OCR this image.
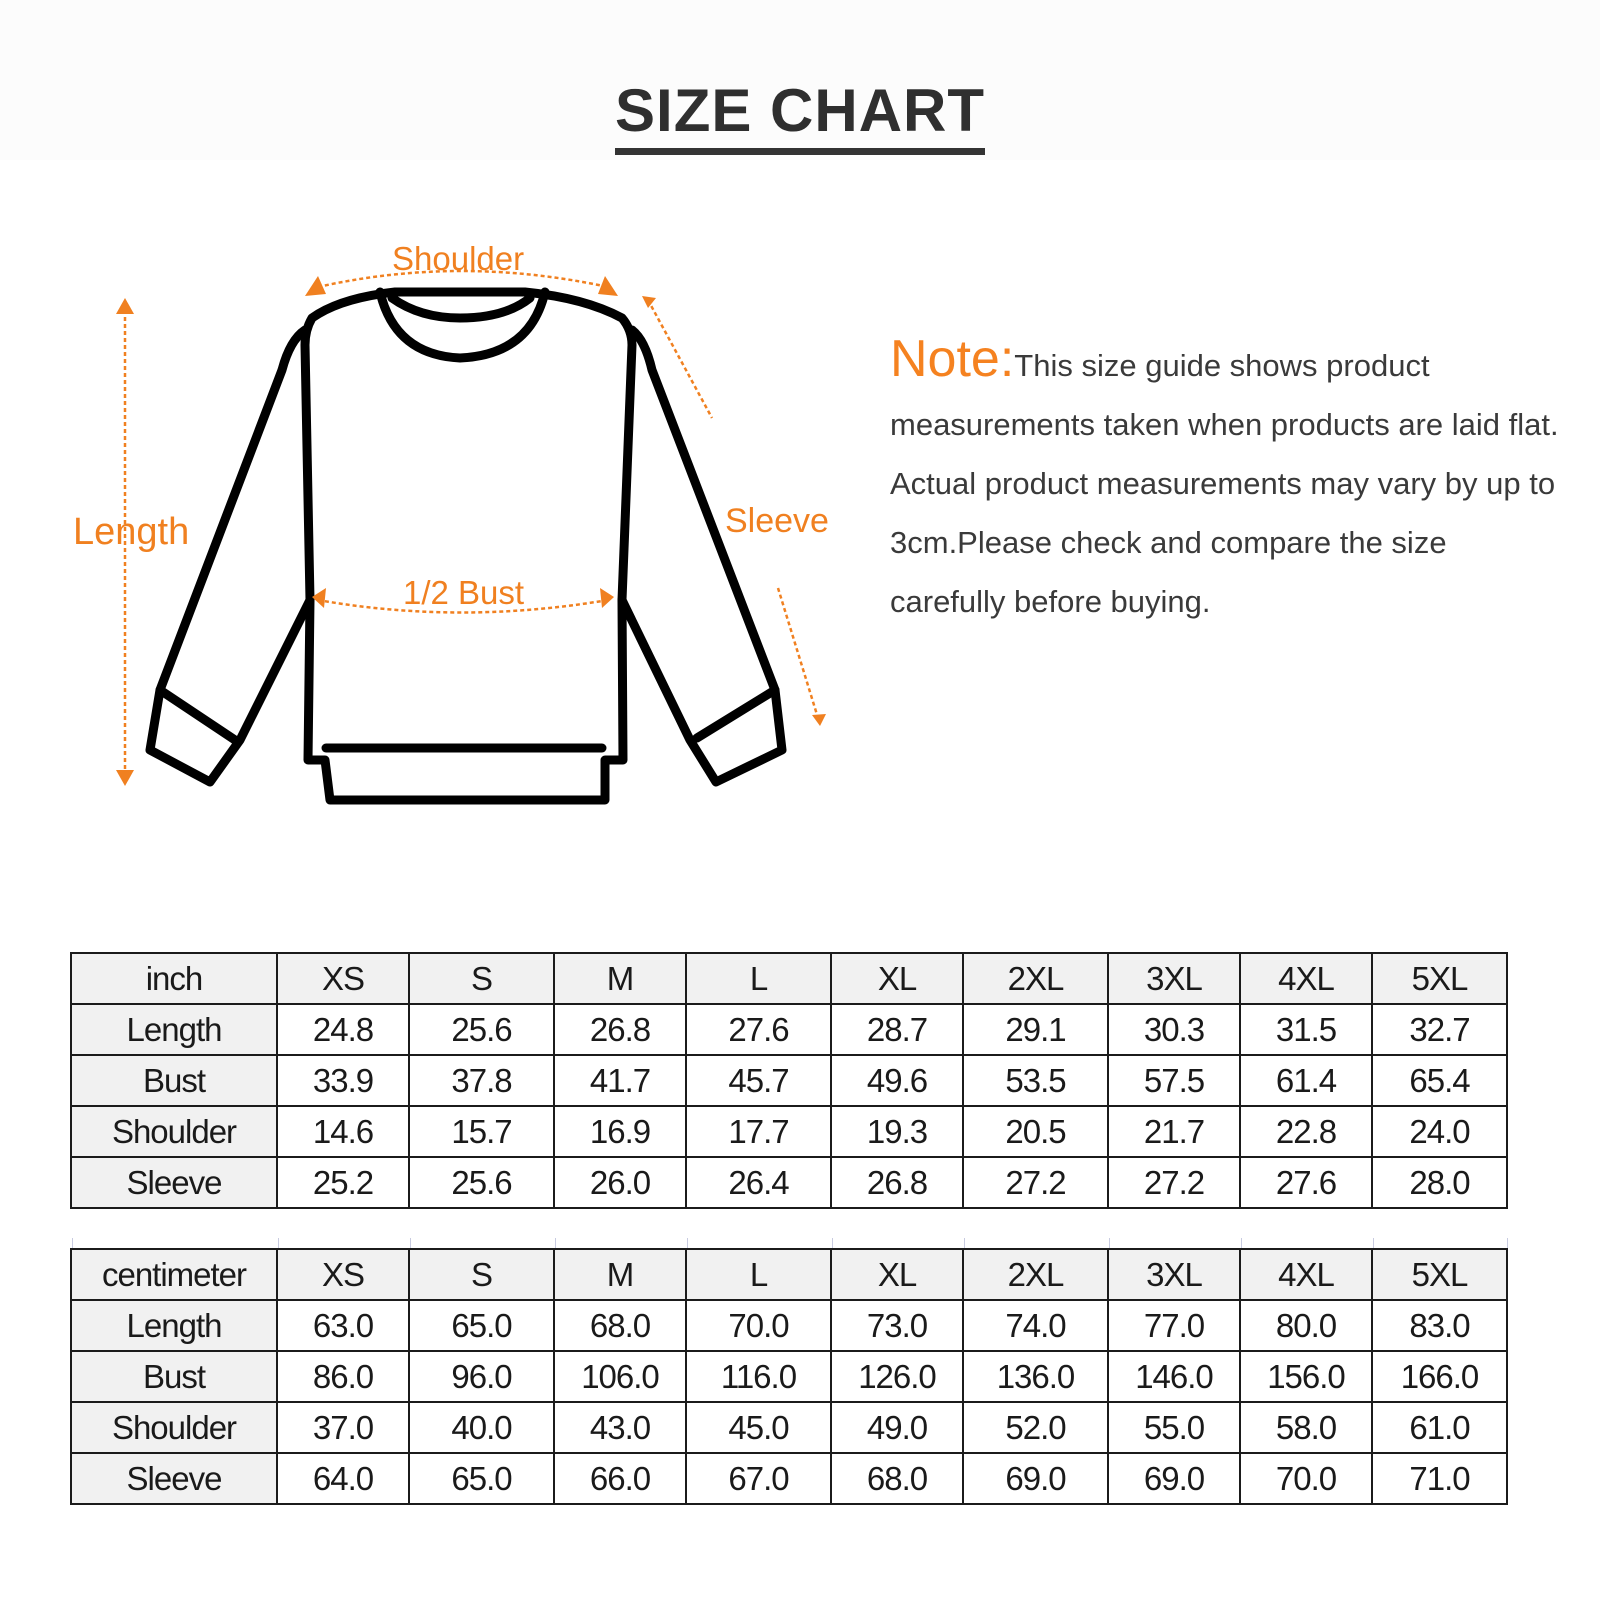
SIZE CHART
Shoulder
Length	Sleeve
1/2 Bust
Note:This size guide shows product measurements taken when products are laid flat. Actual product measurements may vary by up to 3cm.Please check and compare the size carefully before buying.
inch	XS	S	M	L	XL	2XL	3XL	4XL	5XL
Length	24.8	25.6	26.8	27.6	28.7	29.1	30.3	31.5	32.7
Bust	33.9	37.8	41.7	45.7	49.6	53.5	57.5	61.4	65.4
Shoulder	14.6	15.7	16.9	17.7	19.3	20.5	21.7	22.8	24.0
Sleeve	25.2	25.6	26.0	26.4	26.8	27.2	27.2	27.6	28.0
centimeter	XS	S	M	L	XL	2XL	3XL	4XL	5XL
Length	63.0	65.0	68.0	70.0	73.0	74.0	77.0	80.0	83.0
Bust	86.0	96.0	106.0	116.0	126.0	136.0	146.0	156.0	166.0
Shoulder	37.0	40.0	43.0	45.0	49.0	52.0	55.0	58.0	61.0
Sleeve	64.0	65.0	66.0	67.0	68.0	69.0	69.0	70.0	71.0
